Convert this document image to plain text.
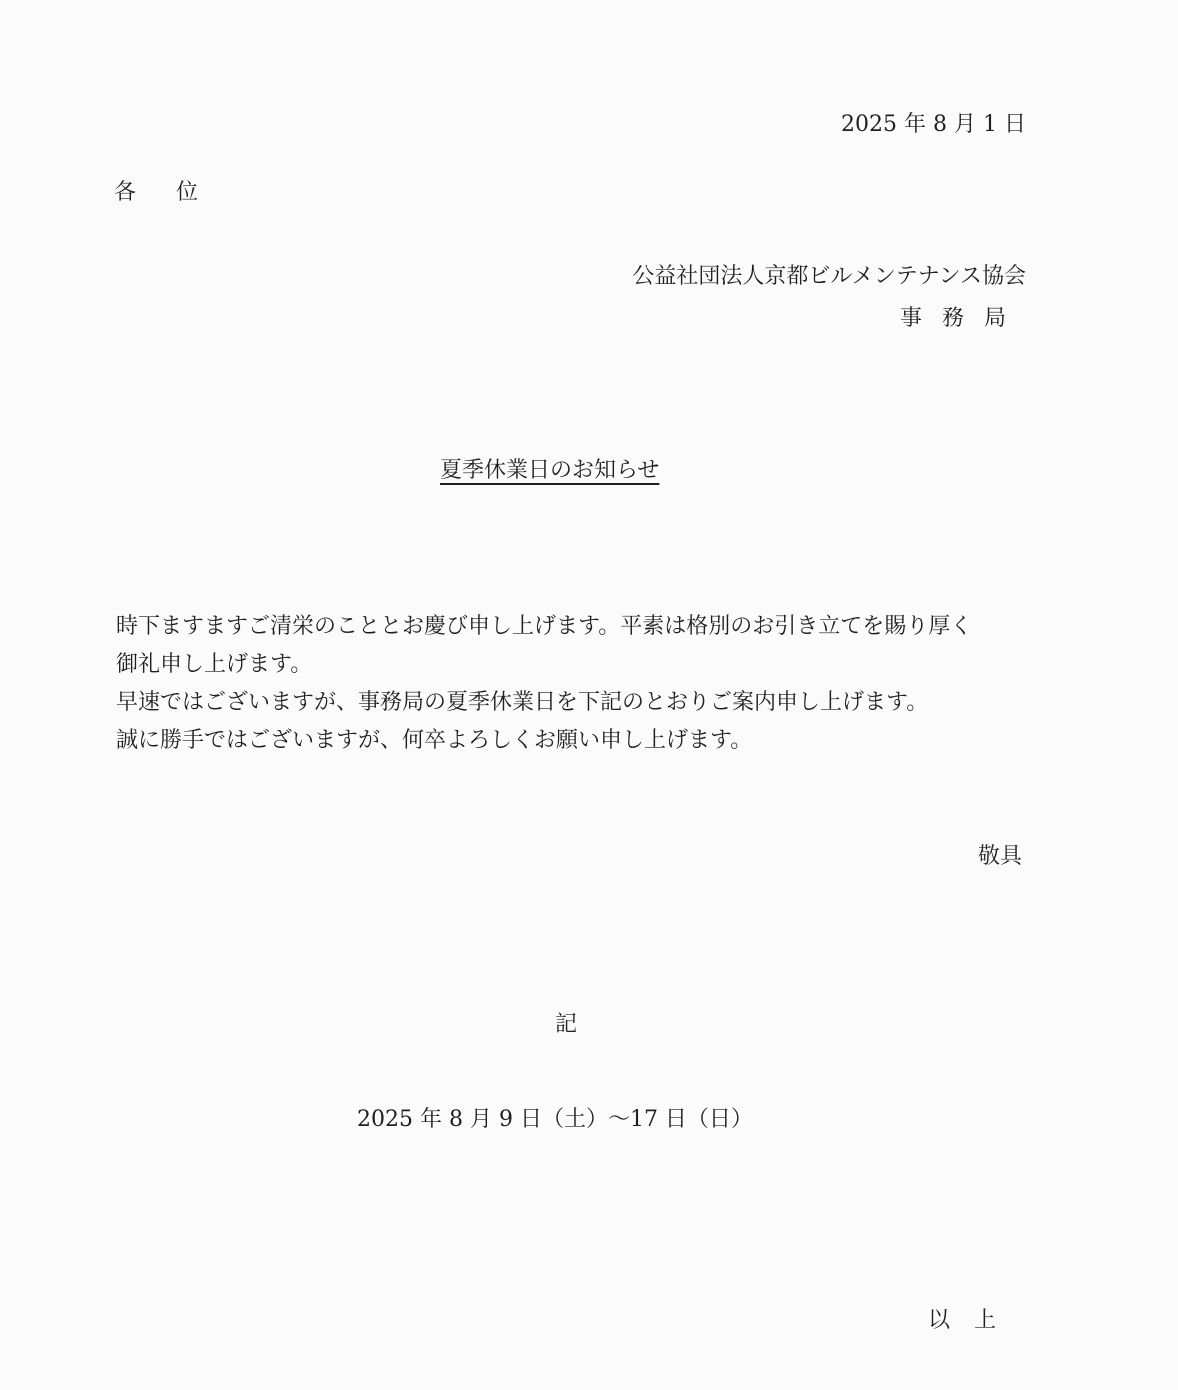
2025 年 8 月 1 日
各位
公益社団法人京都ビルメンテナンス協会
事務局
夏季休業日のお知らせ

時下ますますご清栄のこととお慶び申し上げます。平素は格別のお引き立てを賜り厚く

御礼申し上げます。

早速ではございますが、事務局の夏季休業日を下記のとおりご案内申し上げます。

誠に勝手ではございますが、何卒よろしくお願い申し上げます。

敬具
記
2025 年 8 月 9 日（土）～17 日（日）
以上
